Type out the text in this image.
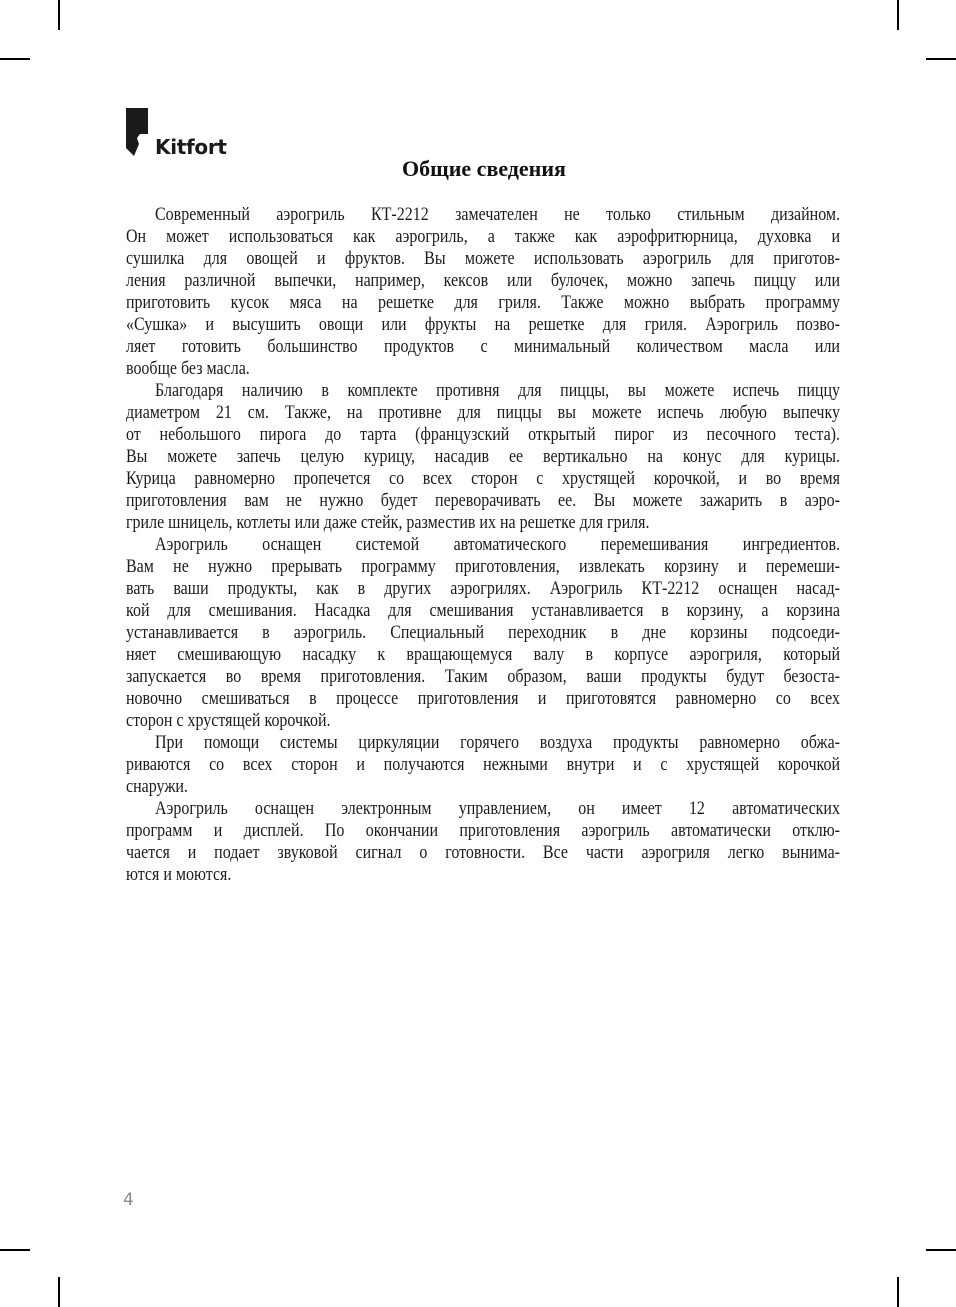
Kitfort
Общие сведения
Современный аэрогриль КТ-2212 замечателен не только стильным дизайном.
Он может использоваться как аэрогриль, а также как аэрофритюрница, духовка и
сушилка для овощей и фруктов. Вы можете использовать аэрогриль для приготов-
ления различной выпечки, например, кексов или булочек, можно запечь пиццу или
приготовить кусок мяса на решетке для гриля. Также можно выбрать программу
«Сушка» и высушить овощи или фрукты на решетке для гриля. Аэрогриль позво-
ляет готовить большинство продуктов с минимальный количеством масла или
вообще без масла.
Благодаря наличию в комплекте противня для пиццы, вы можете испечь пиццу
диаметром 21 см. Также, на противне для пиццы вы можете испечь любую выпечку
от небольшого пирога до тарта (французский открытый пирог из песочного теста).
Вы можете запечь целую курицу, насадив ее вертикально на конус для курицы.
Курица равномерно пропечется со всех сторон с хрустящей корочкой, и во время
приготовления вам не нужно будет переворачивать ее. Вы можете зажарить в аэро-
гриле шницель, котлеты или даже стейк, разместив их на решетке для гриля.
Аэрогриль оснащен системой автоматического перемешивания ингредиентов.
Вам не нужно прерывать программу приготовления, извлекать корзину и перемеши-
вать ваши продукты, как в других аэрогрилях. Аэрогриль КТ-2212 оснащен насад-
кой для смешивания. Насадка для смешивания устанавливается в корзину, а корзина
устанавливается в аэрогриль. Специальный переходник в дне корзины подсоеди-
няет смешивающую насадку к вращающемуся валу в корпусе аэрогриля, который
запускается во время приготовления. Таким образом, ваши продукты будут безоста-
новочно смешиваться в процессе приготовления и приготовятся равномерно со всех
сторон с хрустящей корочкой.
При помощи системы циркуляции горячего воздуха продукты равномерно обжа-
риваются со всех сторон и получаются нежными внутри и с хрустящей корочкой
снаружи.
Аэрогриль оснащен электронным управлением, он имеет 12 автоматических
программ и дисплей. По окончании приготовления аэрогриль автоматически отклю-
чается и подает звуковой сигнал о готовности. Все части аэрогриля легко вынима-
ются и моются.
4
